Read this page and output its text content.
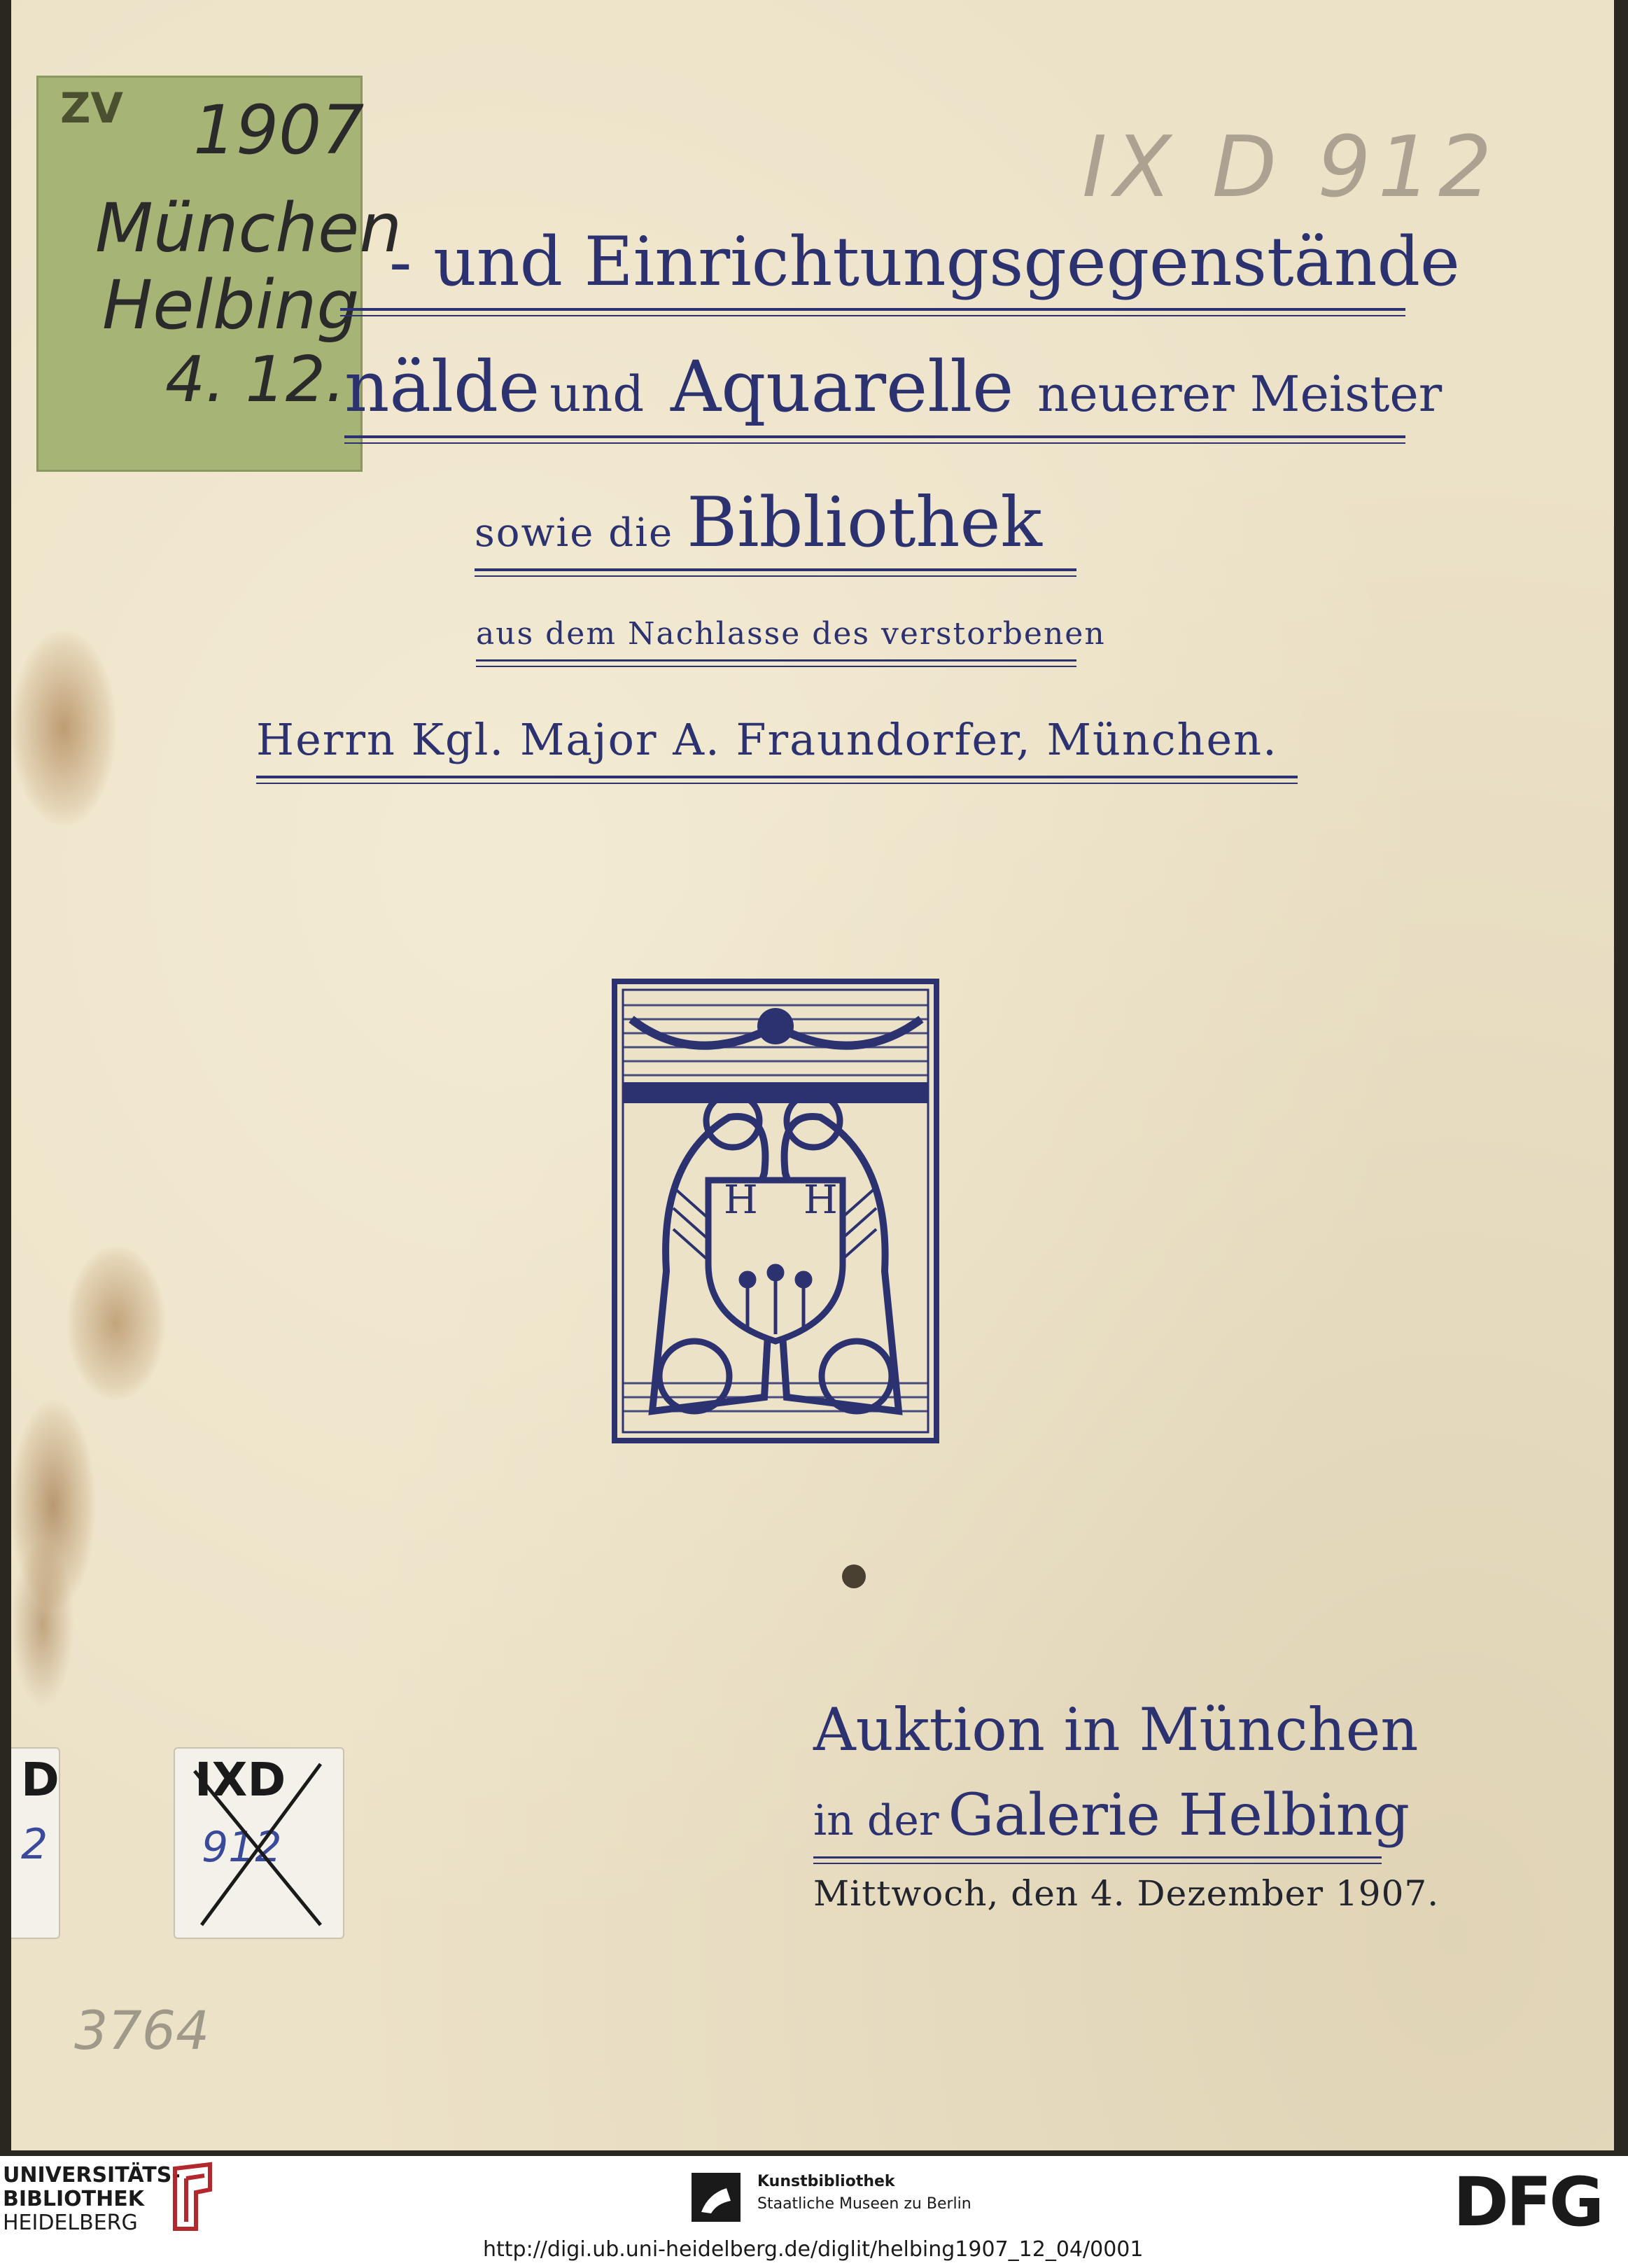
IX D 912
ZV 1907
München
Helbing
4. 12.
- und Einrichtungsgegenstände
nälde und Aquarelle neuerer Meister
sowie die Bibliothek
aus dem Nachlasse des verstorbenen
Herrn Kgl. Major A. Fraundorfer, München.
H H
Auktion in München
in der Galerie Helbing
Mittwoch, den 4. Dezember 1907.
D
2
IXD
912
3764
UNIVERSITÄTS-
BIBLIOTHEK
HEIDELBERG
Kunstbibliothek
Staatliche Museen zu Berlin	DFG
http://digi.ub.uni-heidelberg.de/diglit/helbing1907_12_04/0001
